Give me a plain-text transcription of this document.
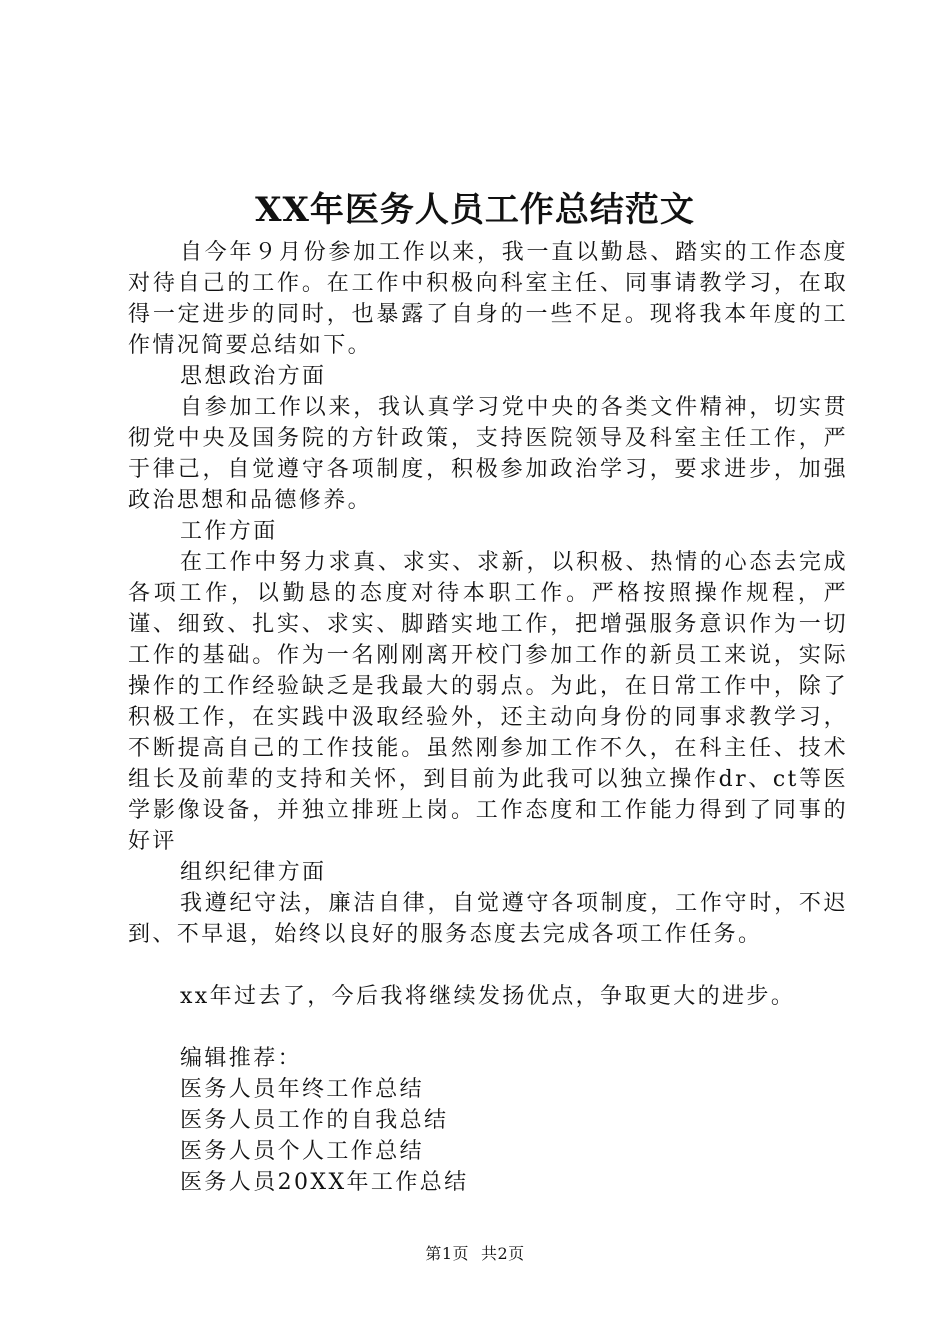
XX年医务人员工作总结范文

自今年９月份参加工作以来，我一直以勤恳、踏实的工作态度对待自己的工作。在工作中积极向科室主任、同事请教学习，在取得一定进步的同时，也暴露了自身的一些不足。现将我本年度的工作情况简要总结如下。

思想政治方面

自参加工作以来，我认真学习党中央的各类文件精神，切实贯彻党中央及国务院的方针政策，支持医院领导及科室主任工作，严于律己，自觉遵守各项制度，积极参加政治学习，要求进步，加强政治思想和品德修养。

工作方面

在工作中努力求真、求实、求新，以积极、热情的心态去完成各项工作，以勤恳的态度对待本职工作。严格按照操作规程，严谨、细致、扎实、求实、脚踏实地工作，把增强服务意识作为一切工作的基础。作为一名刚刚离开校门参加工作的新员工来说，实际操作的工作经验缺乏是我最大的弱点。为此，在日常工作中，除了积极工作，在实践中汲取经验外，还主动向身份的同事求教学习，不断提高自己的工作技能。虽然刚参加工作不久，在科主任、技术组长及前辈的支持和关怀，到目前为此我可以独立操作dr、ct等医学影像设备，并独立排班上岗。工作态度和工作能力得到了同事的好评

组织纪律方面

我遵纪守法，廉洁自律，自觉遵守各项制度，工作守时，不迟到、不早退，始终以良好的服务态度去完成各项工作任务。

xx年过去了，今后我将继续发扬优点，争取更大的进步。

编辑推荐：

医务人员年终工作总结

医务人员工作的自我总结

医务人员个人工作总结

医务人员20XX年工作总结

第1页 共2页
